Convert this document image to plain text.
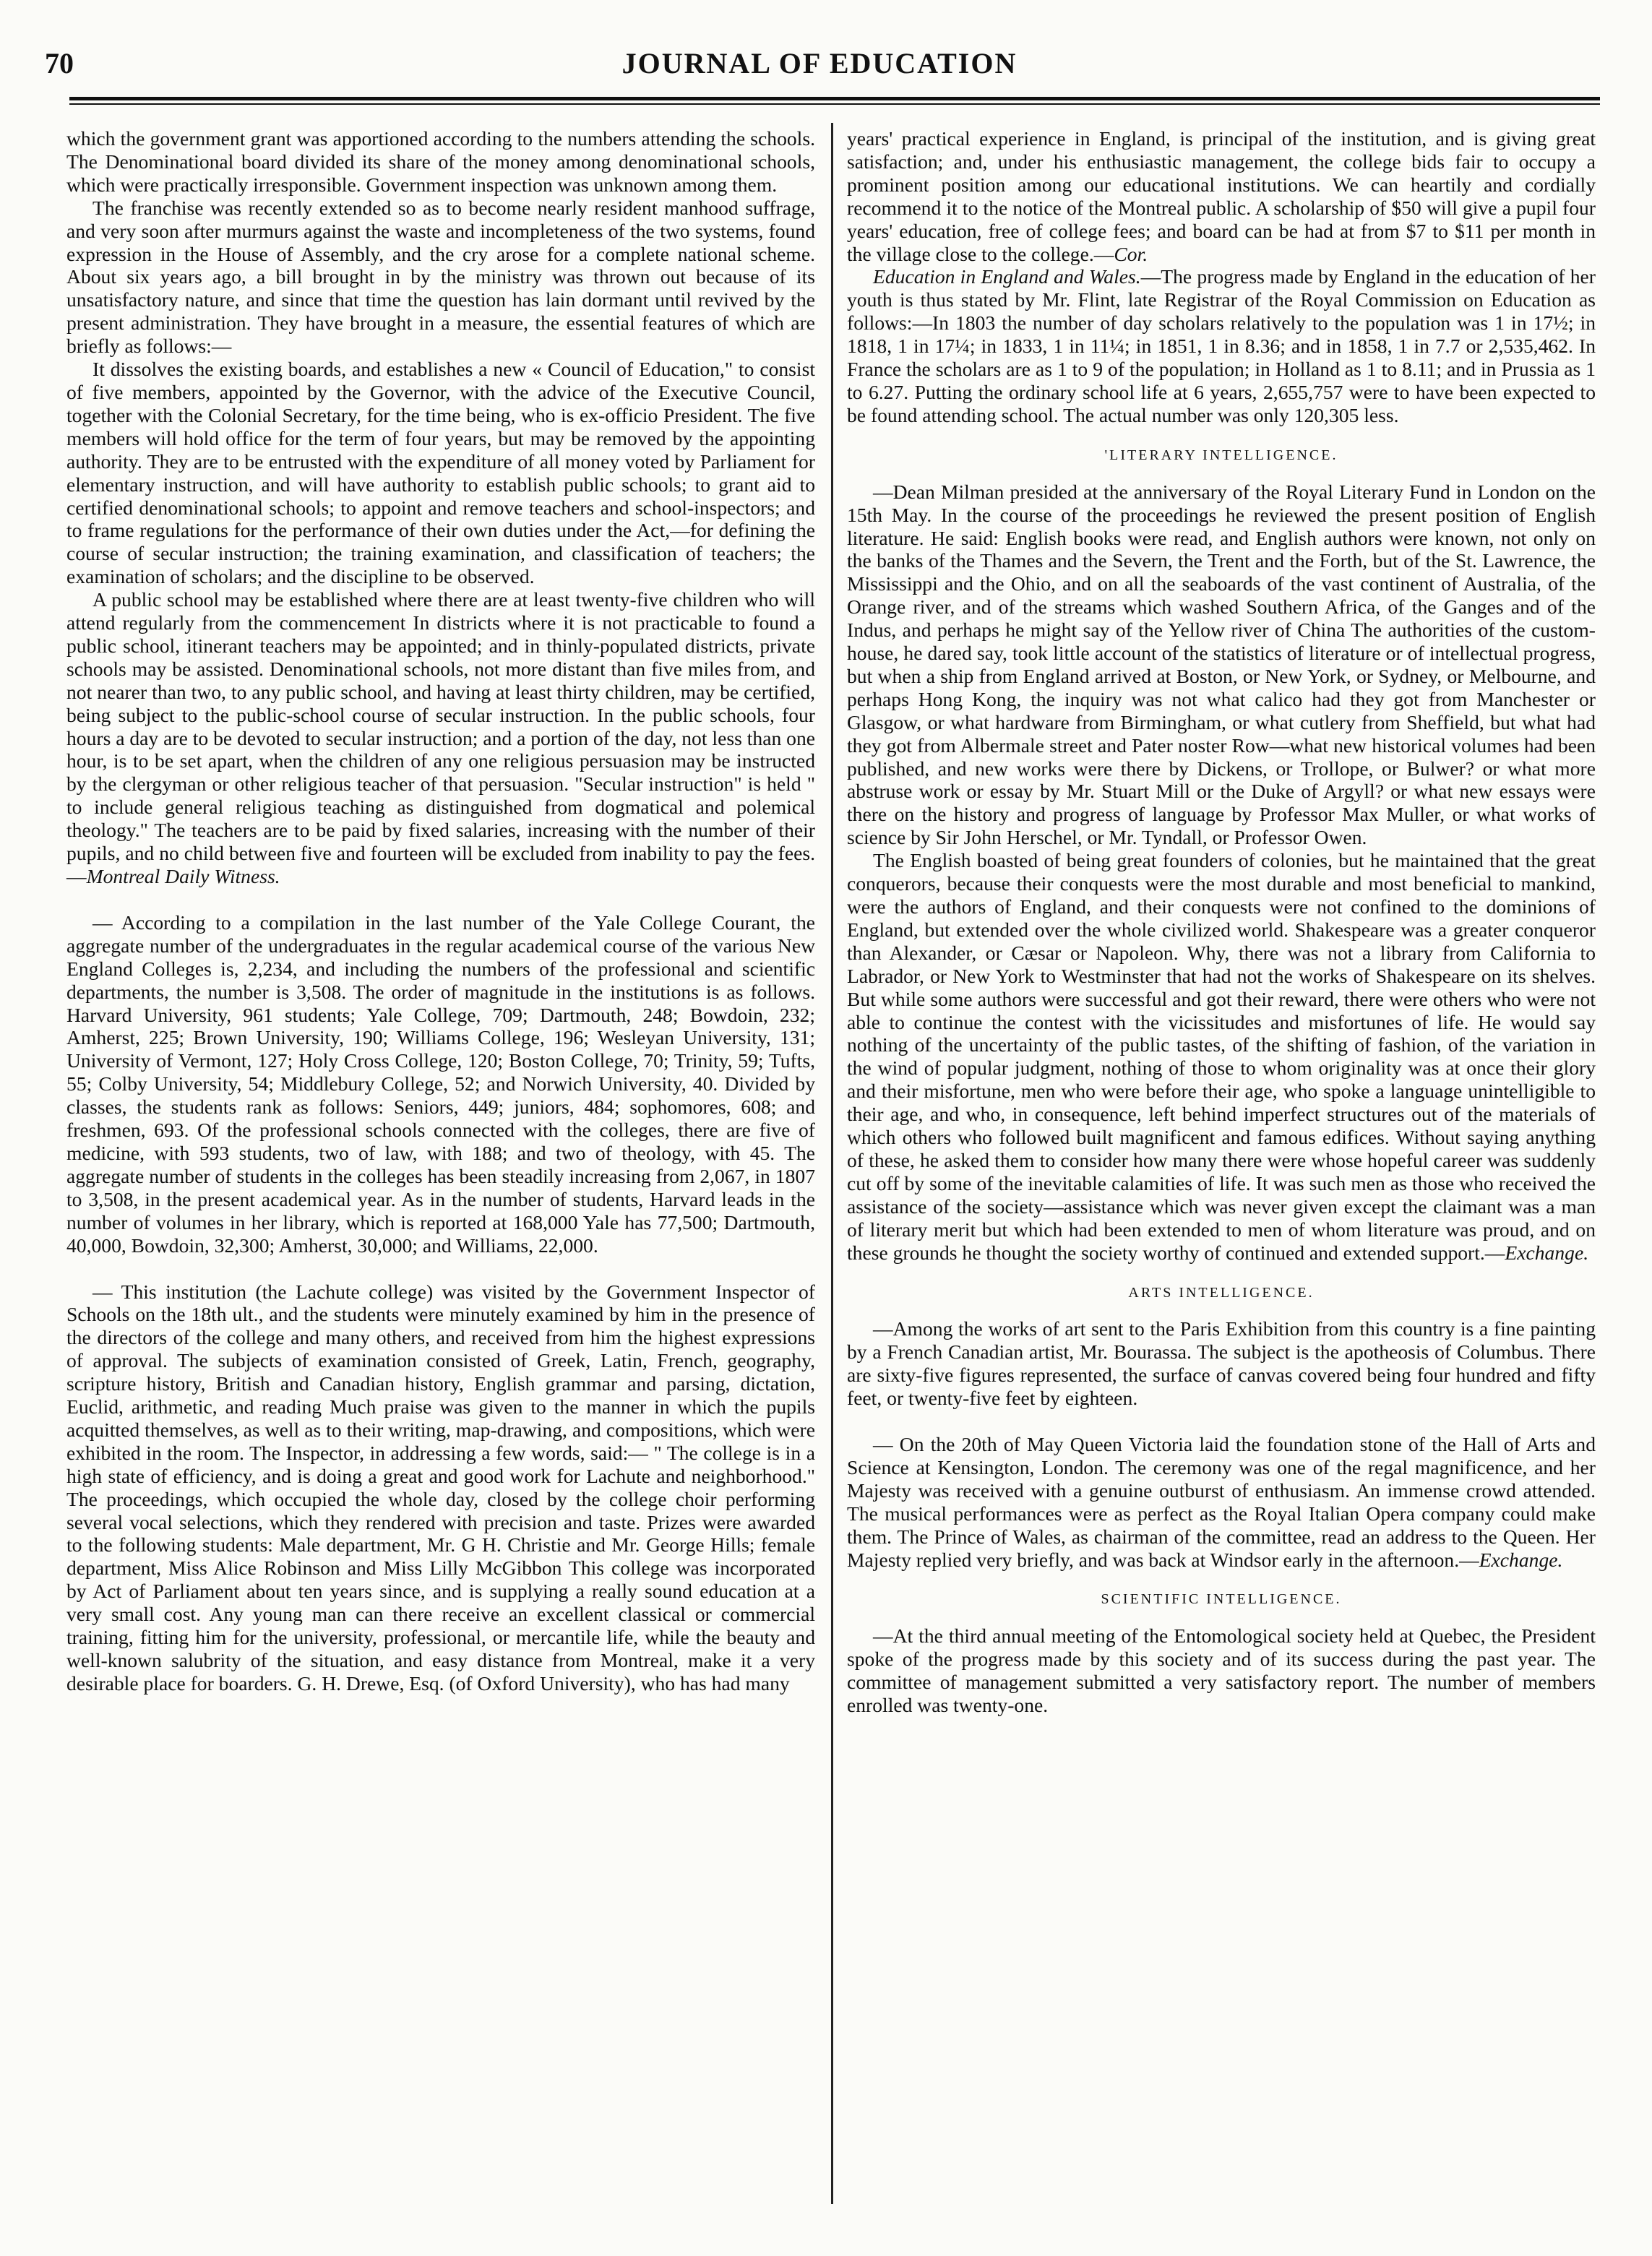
70	JOURNAL OF EDUCATION

which the government grant was apportioned according to the numbers attending the schools. The Denominational board divided its share of the money among denominational schools, which were practically irresponsible. Government inspection was unknown among them.

The franchise was recently extended so as to become nearly resident manhood suffrage, and very soon after murmurs against the waste and incompleteness of the two systems, found expression in the House of Assembly, and the cry arose for a complete national scheme. About six years ago, a bill brought in by the ministry was thrown out because of its unsatisfactory nature, and since that time the question has lain dormant until revived by the present administration. They have brought in a measure, the essential features of which are briefly as follows:—

It dissolves the existing boards, and establishes a new « Council of Education," to consist of five members, appointed by the Governor, with the advice of the Executive Council, together with the Colonial Secretary, for the time being, who is ex-officio President. The five members will hold office for the term of four years, but may be removed by the appointing authority. They are to be entrusted with the expenditure of all money voted by Parliament for elementary instruction, and will have authority to establish public schools; to grant aid to certified denominational schools; to appoint and remove teachers and school-inspectors; and to frame regulations for the performance of their own duties under the Act,—for defining the course of secular instruction; the training examination, and classification of teachers; the examination of scholars; and the discipline to be observed.

A public school may be established where there are at least twenty-five children who will attend regularly from the commencement In districts where it is not practicable to found a public school, itinerant teachers may be appointed; and in thinly-populated districts, private schools may be assisted. Denominational schools, not more distant than five miles from, and not nearer than two, to any public school, and having at least thirty children, may be certified, being subject to the public-school course of secular instruction. In the public schools, four hours a day are to be devoted to secular instruction; and a portion of the day, not less than one hour, is to be set apart, when the children of any one religious persuasion may be instructed by the clergyman or other religious teacher of that persuasion. "Secular instruction" is held " to include general religious teaching as distinguished from dogmatical and polemical theology." The teachers are to be paid by fixed salaries, increasing with the number of their pupils, and no child between five and fourteen will be excluded from inability to pay the fees.—Montreal Daily Witness.

— According to a compilation in the last number of the Yale College Courant, the aggregate number of the undergraduates in the regular academical course of the various New England Colleges is, 2,234, and including the numbers of the professional and scientific departments, the number is 3,508. The order of magnitude in the institutions is as follows. Harvard University, 961 students; Yale College, 709; Dartmouth, 248; Bowdoin, 232; Amherst, 225; Brown University, 190; Williams College, 196; Wesleyan University, 131; University of Vermont, 127; Holy Cross College, 120; Boston College, 70; Trinity, 59; Tufts, 55; Colby University, 54; Middlebury College, 52; and Norwich University, 40. Divided by classes, the students rank as follows: Seniors, 449; juniors, 484; sophomores, 608; and freshmen, 693. Of the professional schools connected with the colleges, there are five of medicine, with 593 students, two of law, with 188; and two of theology, with 45. The aggregate number of students in the colleges has been steadily increasing from 2,067, in 1807 to 3,508, in the present academical year. As in the number of students, Harvard leads in the number of volumes in her library, which is reported at 168,000 Yale has 77,500; Dartmouth, 40,000, Bowdoin, 32,300; Amherst, 30,000; and Williams, 22,000.

— This institution (the Lachute college) was visited by the Government Inspector of Schools on the 18th ult., and the students were minutely examined by him in the presence of the directors of the college and many others, and received from him the highest expressions of approval. The subjects of examination consisted of Greek, Latin, French, geography, scripture history, British and Canadian history, English grammar and parsing, dictation, Euclid, arithmetic, and reading Much praise was given to the manner in which the pupils acquitted themselves, as well as to their writing, map-drawing, and compositions, which were exhibited in the room. The Inspector, in addressing a few words, said:— " The college is in a high state of efficiency, and is doing a great and good work for Lachute and neighborhood." The proceedings, which occupied the whole day, closed by the college choir performing several vocal selections, which they rendered with precision and taste. Prizes were awarded to the following students: Male department, Mr. G H. Christie and Mr. George Hills; female department, Miss Alice Robinson and Miss Lilly McGibbon This college was incorporated by Act of Parliament about ten years since, and is supplying a really sound education at a very small cost. Any young man can there receive an excellent classical or commercial training, fitting him for the university, professional, or mercantile life, while the beauty and well-known salubrity of the situation, and easy distance from Montreal, make it a very desirable place for boarders. G. H. Drewe, Esq. (of Oxford University), who has had many

years' practical experience in England, is principal of the institution, and is giving great satisfaction; and, under his enthusiastic management, the college bids fair to occupy a prominent position among our educational institutions. We can heartily and cordially recommend it to the notice of the Montreal public. A scholarship of $50 will give a pupil four years' education, free of college fees; and board can be had at from $7 to $11 per month in the village close to the college.—Cor.

Education in England and Wales.—The progress made by England in the education of her youth is thus stated by Mr. Flint, late Registrar of the Royal Commission on Education as follows:—In 1803 the number of day scholars relatively to the population was 1 in 17½; in 1818, 1 in 17¼; in 1833, 1 in 11¼; in 1851, 1 in 8.36; and in 1858, 1 in 7.7 or 2,535,462. In France the scholars are as 1 to 9 of the population; in Holland as 1 to 8.11; and in Prussia as 1 to 6.27. Putting the ordinary school life at 6 years, 2,655,757 were to have been expected to be found attending school. The actual number was only 120,305 less.

'LITERARY INTELLIGENCE.

—Dean Milman presided at the anniversary of the Royal Literary Fund in London on the 15th May. In the course of the proceedings he reviewed the present position of English literature. He said: English books were read, and English authors were known, not only on the banks of the Thames and the Severn, the Trent and the Forth, but of the St. Lawrence, the Mississippi and the Ohio, and on all the seaboards of the vast continent of Australia, of the Orange river, and of the streams which washed Southern Africa, of the Ganges and of the Indus, and perhaps he might say of the Yellow river of China The authorities of the custom-house, he dared say, took little account of the statistics of literature or of intellectual progress, but when a ship from England arrived at Boston, or New York, or Sydney, or Melbourne, and perhaps Hong Kong, the inquiry was not what calico had they got from Manchester or Glasgow, or what hardware from Birmingham, or what cutlery from Sheffield, but what had they got from Albermale street and Pater noster Row—what new historical volumes had been published, and new works were there by Dickens, or Trollope, or Bulwer? or what more abstruse work or essay by Mr. Stuart Mill or the Duke of Argyll? or what new essays were there on the history and progress of language by Professor Max Muller, or what works of science by Sir John Herschel, or Mr. Tyndall, or Professor Owen.

The English boasted of being great founders of colonies, but he maintained that the great conquerors, because their conquests were the most durable and most beneficial to mankind, were the authors of England, and their conquests were not confined to the dominions of England, but extended over the whole civilized world. Shakespeare was a greater conqueror than Alexander, or Cæsar or Napoleon. Why, there was not a library from California to Labrador, or New York to Westminster that had not the works of Shakespeare on its shelves. But while some authors were successful and got their reward, there were others who were not able to continue the contest with the vicissitudes and misfortunes of life. He would say nothing of the uncertainty of the public tastes, of the shifting of fashion, of the variation in the wind of popular judgment, nothing of those to whom originality was at once their glory and their misfortune, men who were before their age, who spoke a language unintelligible to their age, and who, in consequence, left behind imperfect structures out of the materials of which others who followed built magnificent and famous edifices. Without saying anything of these, he asked them to consider how many there were whose hopeful career was suddenly cut off by some of the inevitable calamities of life. It was such men as those who received the assistance of the society—assistance which was never given except the claimant was a man of literary merit but which had been extended to men of whom literature was proud, and on these grounds he thought the society worthy of continued and extended support.—Exchange.

ARTS INTELLIGENCE.

—Among the works of art sent to the Paris Exhibition from this country is a fine painting by a French Canadian artist, Mr. Bourassa. The subject is the apotheosis of Columbus. There are sixty-five figures represented, the surface of canvas covered being four hundred and fifty feet, or twenty-five feet by eighteen.

— On the 20th of May Queen Victoria laid the foundation stone of the Hall of Arts and Science at Kensington, London. The ceremony was one of the regal magnificence, and her Majesty was received with a genuine outburst of enthusiasm. An immense crowd attended. The musical performances were as perfect as the Royal Italian Opera company could make them. The Prince of Wales, as chairman of the committee, read an address to the Queen. Her Majesty replied very briefly, and was back at Windsor early in the afternoon.—Exchange.

SCIENTIFIC INTELLIGENCE.

—At the third annual meeting of the Entomological society held at Quebec, the President spoke of the progress made by this society and of its success during the past year. The committee of management submitted a very satisfactory report. The number of members enrolled was twenty-one.
